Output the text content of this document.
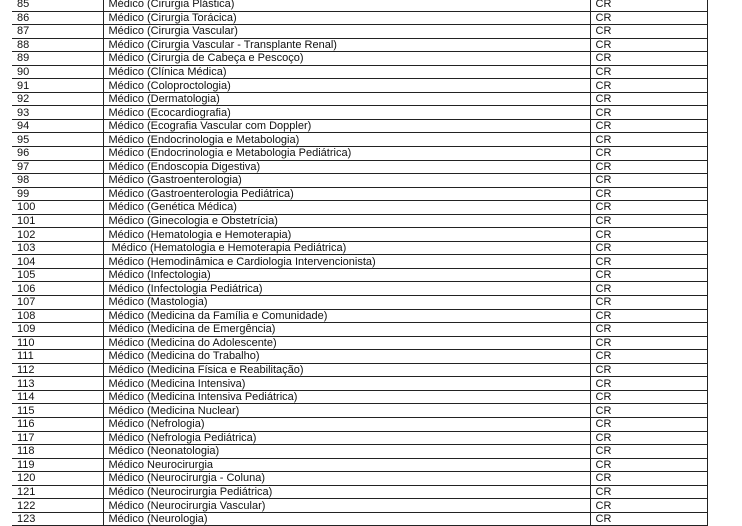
85	Médico (Cirurgia Plástica)	CR
86	Médico (Cirurgia Torácica)	CR
87	Médico (Cirurgia Vascular)	CR
88	Médico (Cirurgia Vascular - Transplante Renal)	CR
89	Médico (Cirurgia de Cabeça e Pescoço)	CR
90	Médico (Clínica Médica)	CR
91	Médico (Coloproctologia)	CR
92	Médico (Dermatologia)	CR
93	Médico (Ecocardiografia)	CR
94	Médico (Ecografia Vascular com Doppler)	CR
95	Médico (Endocrinologia e Metabologia)	CR
96	Médico (Endocrinologia e Metabologia Pediátrica)	CR
97	Médico (Endoscopia Digestiva)	CR
98	Médico (Gastroenterologia)	CR
99	Médico (Gastroenterologia Pediátrica)	CR
100	Médico (Genética Médica)	CR
101	Médico (Ginecologia e Obstetrícia)	CR
102	Médico (Hematologia e Hemoterapia)	CR
103	Médico (Hematologia e Hemoterapia Pediátrica)	CR
104	Médico (Hemodinâmica e Cardiologia Intervencionista)	CR
105	Médico (Infectologia)	CR
106	Médico (Infectologia Pediátrica)	CR
107	Médico (Mastologia)	CR
108	Médico (Medicina da Família e Comunidade)	CR
109	Médico (Medicina de Emergência)	CR
110	Médico (Medicina do Adolescente)	CR
111	Médico (Medicina do Trabalho)	CR
112	Médico (Medicina Física e Reabilitação)	CR
113	Médico (Medicina Intensiva)	CR
114	Médico (Medicina Intensiva Pediátrica)	CR
115	Médico (Medicina Nuclear)	CR
116	Médico (Nefrologia)	CR
117	Médico (Nefrologia Pediátrica)	CR
118	Médico (Neonatologia)	CR
119	Médico Neurocirurgia	CR
120	Médico (Neurocirurgia - Coluna)	CR
121	Médico (Neurocirurgia Pediátrica)	CR
122	Médico (Neurocirurgia Vascular)	CR
123	Médico (Neurologia)	CR
